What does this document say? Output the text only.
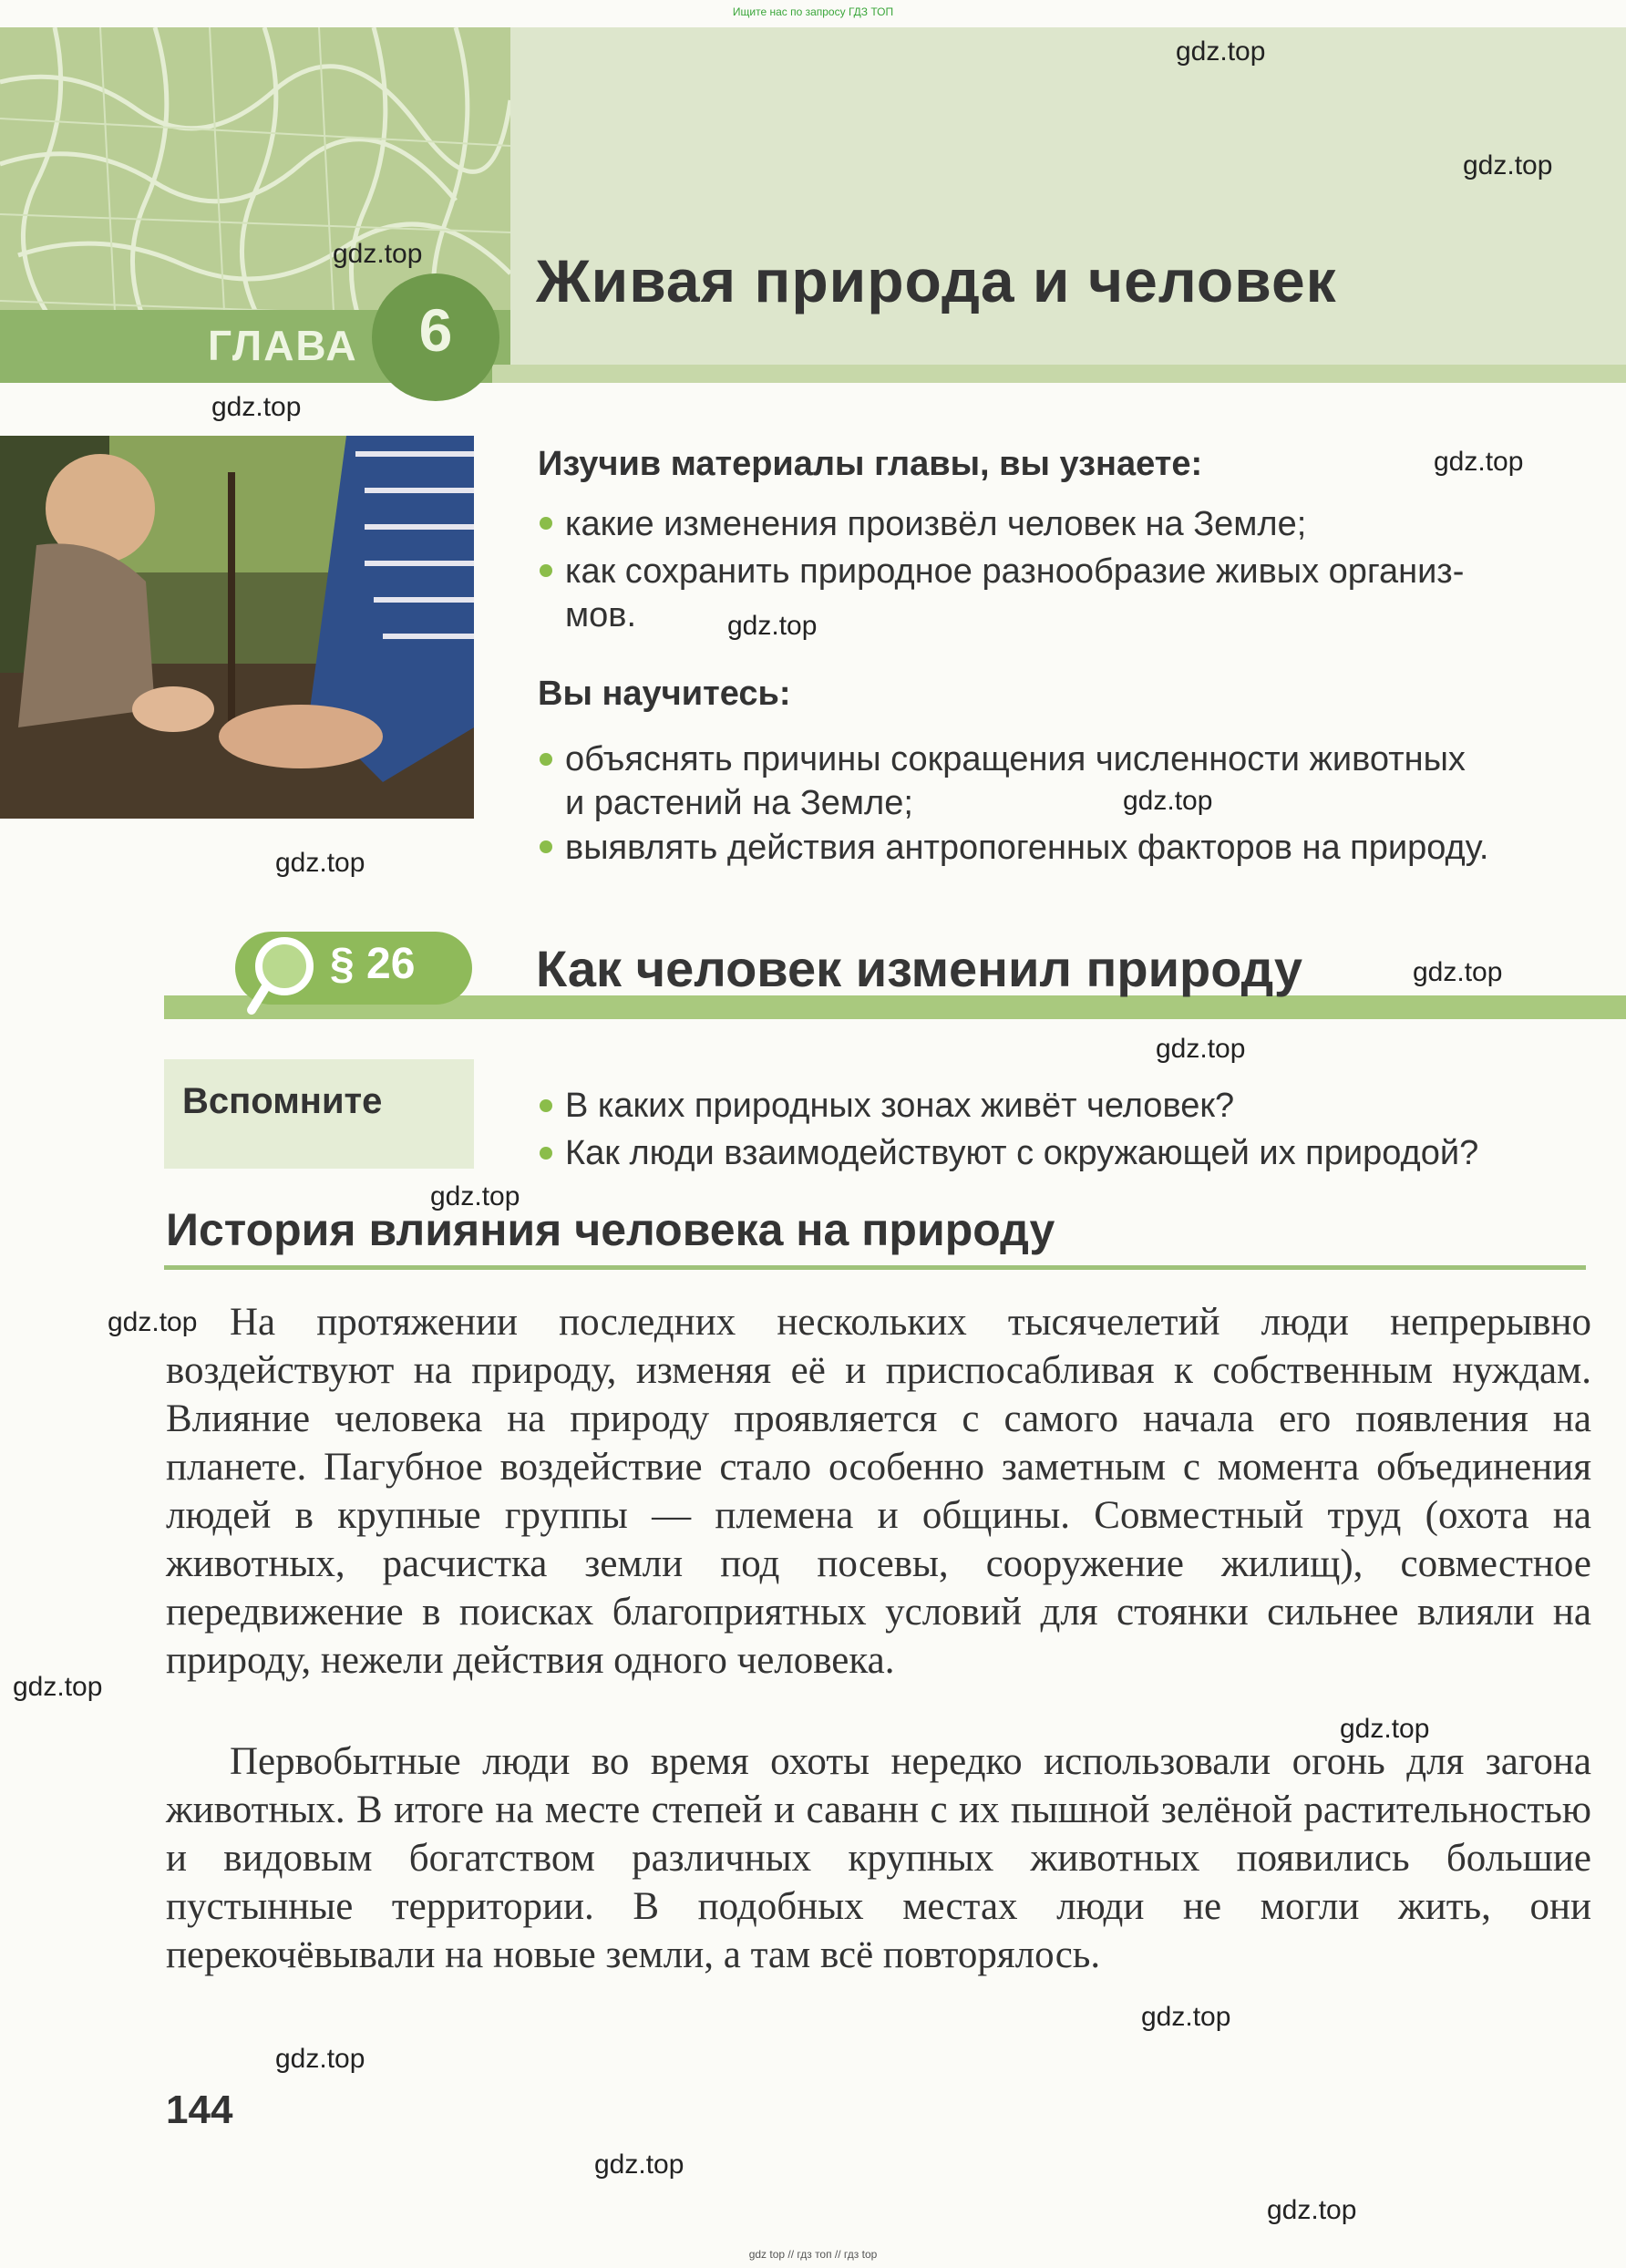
Ищите нас по запросу ГДЗ ТОП
ГЛАВА	6
Живая природа и человек
Изучив материалы главы, вы узнаете:
какие изменения произвёл человек на Земле;
как сохранить природное разнообразие живых организ-
мов.
Вы научитесь:
объяснять причины сокращения численности животных
и растений на Земле;
выявлять действия антропогенных факторов на природу.
§ 26 Как человек изменил природу
Вспомните	В каких природных зонах живёт человек?
Как люди взаимодействуют с окружающей их природой?
История влияния человека на природу
На протяжении последних нескольких тысячелетий люди непрерывно воздействуют на природу, изменяя её и приспосабливая к собственным нуждам. Влияние человека на природу проявляется с самого начала его появления на планете. Пагубное воздействие стало особенно заметным с момента объединения людей в крупные группы — племена и общины. Совместный труд (охота на животных, расчистка земли под посевы, сооружение жилищ), совместное передвижение в поисках благоприятных условий для стоянки сильнее влияли на природу, нежели действия одного человека.
Первобытные люди во время охоты нередко использовали огонь для загона животных. В итоге на месте степей и саванн с их пышной зелёной растительностью и видовым богатством различных крупных животных появились большие пустынные территории. В подобных местах люди не могли жить, они перекочёвывали на новые земли, а там всё повторялось.
144
gdz.top
gdz.top
gdz.top
gdz.top
gdz.top
gdz.top
gdz.top
gdz.top
gdz.top
gdz.top
gdz.top
gdz.top
gdz.top
gdz.top
gdz.top
gdz.top
gdz.top
gdz.top
gdz top // гдз топ // гдз top
